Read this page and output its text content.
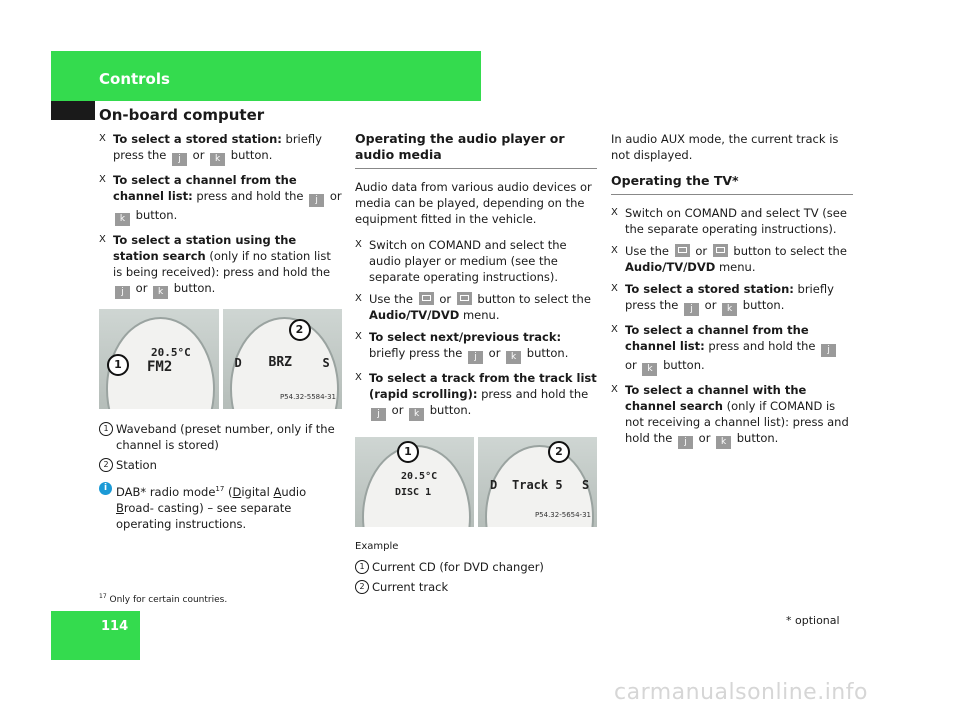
Controls
On-board computer
X To select a stored station: briefly press the j or k button.
X To select a channel from the channel list: press and hold the j or k button.
X To select a station using the station search (only if no station list is being received): press and hold the j or k button.
20.5°C
FM2
1	D BRZ	S
2
P54.32-5584-31
1 Waveband (preset number, only if the channel is stored)
2 Station
i DAB* radio mode$^{17}$ (Digital Audio Broad- casting) – see separate operating instructions.
Operating the audio player or audio media
Audio data from various audio devices or media can be played, depending on the equipment fitted in the vehicle.
X Switch on COMAND and select the audio player or medium (see the separate operating instructions).
X Use the  or  button to select the Audio/TV/DVD menu.
X To select next/previous track: briefly press the j or k button.
X To select a track from the track list (rapid scrolling): press and hold the j or k button.
20.5°C
DISC 1
1
D Track 5 S
2
P54.32-5654-31
Example
1 Current CD (for DVD changer)
2 Current track
In audio AUX mode, the current track is not displayed.
Operating the TV*
X Switch on COMAND and select TV (see the separate operating instructions).
X Use the  or  button to select the Audio/TV/DVD menu.
X To select a stored station: briefly press the j or k button.
X To select a channel from the channel list: press and hold the j or k button.
X To select a channel with the channel search (only if COMAND is not receiving a channel list): press and hold the j or k button.
$^{17}$ Only for certain countries.
114	* optional
carmanualsonline.info
